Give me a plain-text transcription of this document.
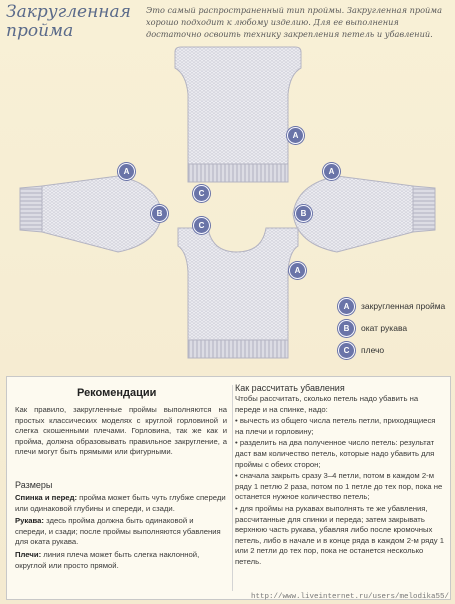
Закругленная
пройма
Это самый распространенный тип проймы. Закругленная пройма хорошо подходит к любому изделию. Для ее выполнения достаточно освоить технику закрепления петель и убавлений.
A
A
B
C
A
B
C
A
A	закругленная пройма
B	окат рукава
C	плечо
Рекомендации
Как правило, закругленные проймы выполняются на простых классических моделях с круглой горловиной и слегка скошенными плечами. Горловина, так же как и пройма, должна образовывать правильное закругление, а плечи могут быть прямыми или фигурными.
Размеры
Спинка и перед: пройма может быть чуть глубже спереди или одинаковой глубины и спереди, и сзади.
Рукава: здесь пройма должна быть одинаковой и спереди, и сзади; после проймы выполняются убавления для оката рукава.
Плечи: линия плеча может быть слегка наклонной, округлой или просто прямой.
Как рассчитать убавления
Чтобы рассчитать, сколько петель надо убавить на переде и на спинке, надо:
• вычесть из общего числа петель петли, приходящиеся на плечи и горловину;
• разделить на два полученное число петель: результат даст вам количество петель, которые надо убавить для проймы с обеих сторон;
• сначала закрыть сразу 3–4 петли, потом в каждом 2-м ряду 1 петлю 2 раза, потом по 1 петле до тех пор, пока не останется нужное количество петель;
• для проймы на рукавах выполнять те же убавления, рассчитанные для спинки и переда; затем закрывать верхнюю часть рукава, убавляя либо после кромочных петель, либо в начале и в конце ряда в каждом 2-м ряду 1 или 2 петли до тех пор, пока не останется несколько петель.
http://www.liveinternet.ru/users/melodika55/
